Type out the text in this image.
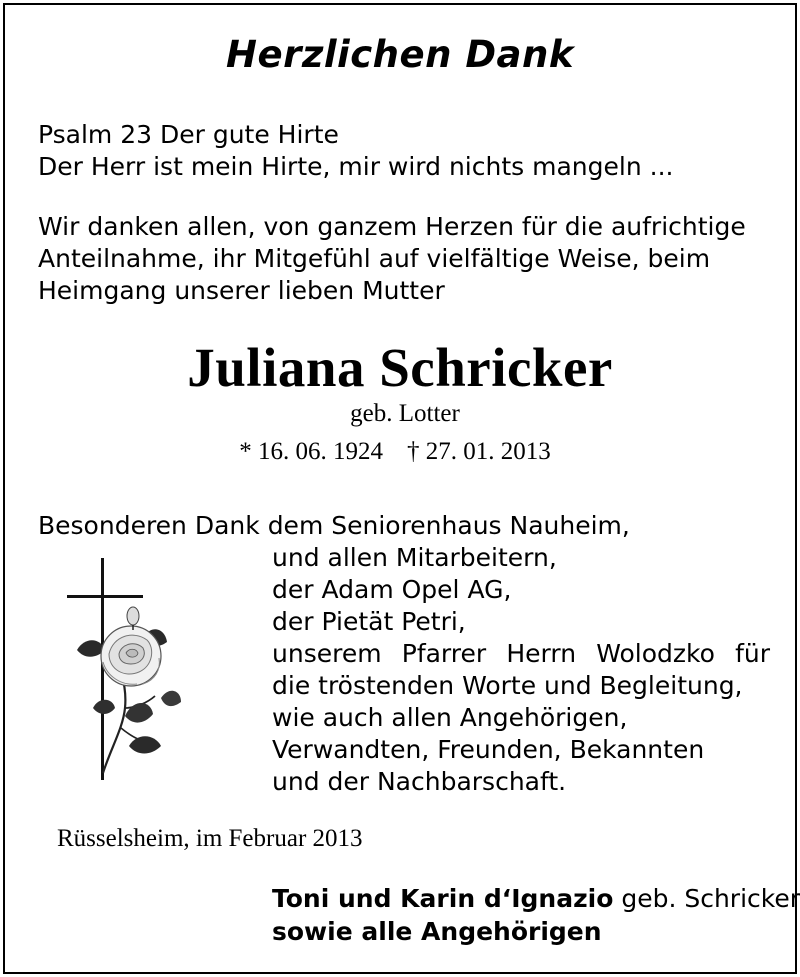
Herzlichen Dank
Psalm 23 Der gute Hirte
Der Herr ist mein Hirte, mir wird nichts mangeln ...
Wir danken allen, von ganzem Herzen für die aufrichtige
Anteilnahme, ihr Mitgefühl auf vielfältige Weise, beim
Heimgang unserer lieben Mutter
Juliana Schricker
geb. Lotter
* 16. 06. 1924 † 27. 01. 2013
Besonderen Dank dem Seniorenhaus Nauheim,
und allen Mitarbeitern,
der Adam Opel AG,
der Pietät Petri,
unserem Pfarrer Herrn Wolodzko für
die tröstenden Worte und Begleitung,
wie auch allen Angehörigen,
Verwandten, Freunden, Bekannten
und der Nachbarschaft.
Rüsselsheim, im Februar 2013
Toni und Karin d‘Ignazio geb. Schricker
sowie alle Angehörigen
